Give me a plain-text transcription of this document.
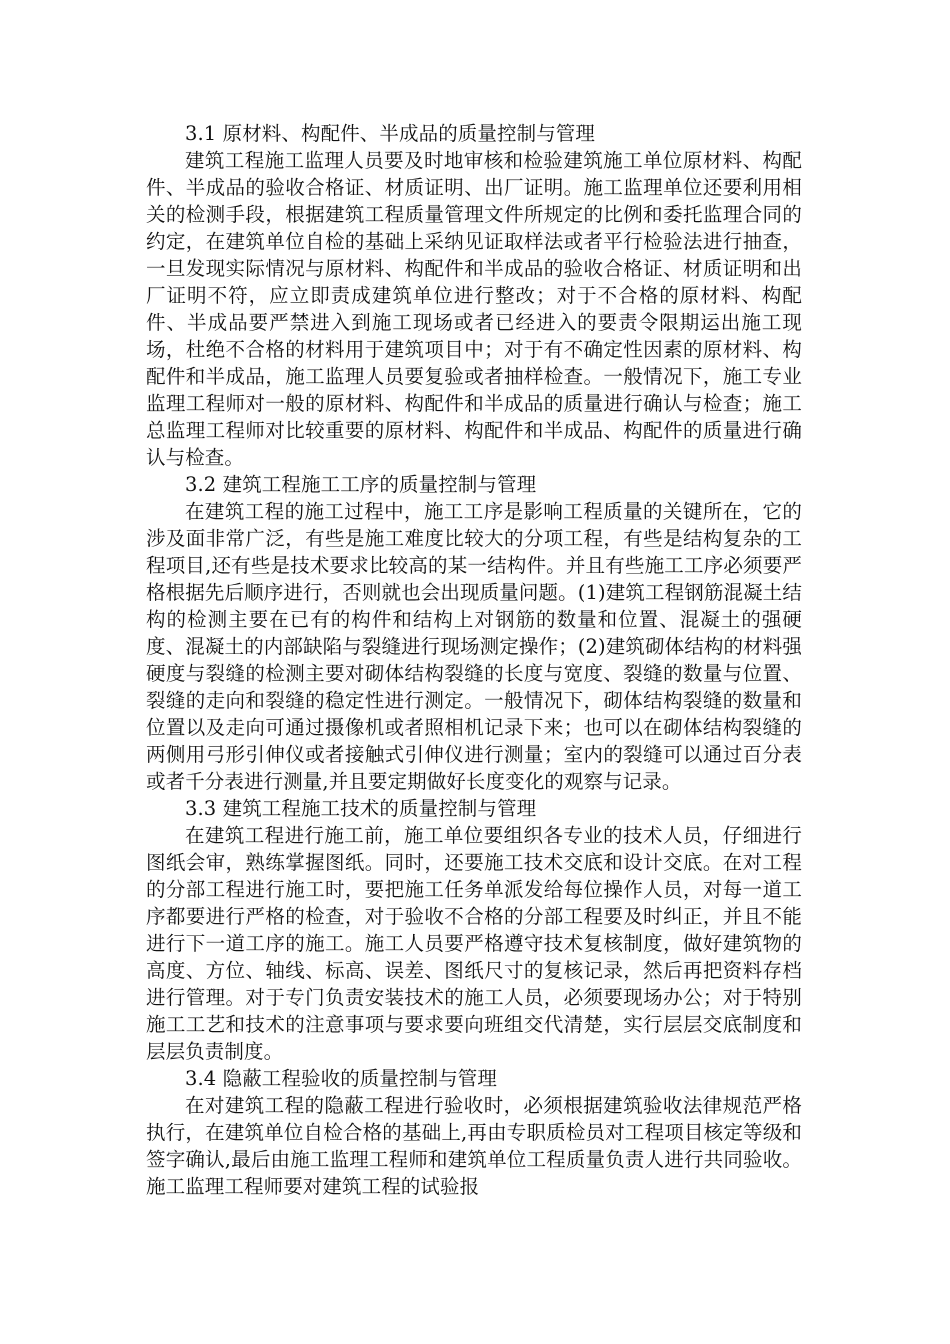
3.1 原材料、构配件、半成品的质量控制与管理

建筑工程施工监理人员要及时地审核和检验建筑施工单位原材料、构配件、半成品的验收合格证、材质证明、出厂证明。施工监理单位还要利用相关的检测手段，根据建筑工程质量管理文件所规定的比例和委托监理合同的约定，在建筑单位自检的基础上采纳见证取样法或者平行检验法进行抽查，一旦发现实际情况与原材料、构配件和半成品的验收合格证、材质证明和出厂证明不符，应立即责成建筑单位进行整改；对于不合格的原材料、构配件、半成品要严禁进入到施工现场或者已经进入的要责令限期运出施工现场，杜绝不合格的材料用于建筑项目中；对于有不确定性因素的原材料、构配件和半成品，施工监理人员要复验或者抽样检查。一般情况下，施工专业监理工程师对一般的原材料、构配件和半成品的质量进行确认与检查；施工总监理工程师对比较重要的原材料、构配件和半成品、构配件的质量进行确认与检查。

3.2 建筑工程施工工序的质量控制与管理

在建筑工程的施工过程中，施工工序是影响工程质量的关键所在，它的涉及面非常广泛，有些是施工难度比较大的分项工程，有些是结构复杂的工程项目,还有些是技术要求比较高的某一结构件。并且有些施工工序必须要严格根据先后顺序进行，否则就也会出现质量问题。(1)建筑工程钢筋混凝土结构的检测主要在已有的构件和结构上对钢筋的数量和位置、混凝土的强硬度、混凝土的内部缺陷与裂缝进行现场测定操作；(2)建筑砌体结构的材料强硬度与裂缝的检测主要对砌体结构裂缝的长度与宽度、裂缝的数量与位置、裂缝的走向和裂缝的稳定性进行测定。一般情况下，砌体结构裂缝的数量和位置以及走向可通过摄像机或者照相机记录下来；也可以在砌体结构裂缝的两侧用弓形引伸仪或者接触式引伸仪进行测量；室内的裂缝可以通过百分表或者千分表进行测量,并且要定期做好长度变化的观察与记录。

3.3 建筑工程施工技术的质量控制与管理

在建筑工程进行施工前，施工单位要组织各专业的技术人员，仔细进行图纸会审，熟练掌握图纸。同时，还要施工技术交底和设计交底。在对工程的分部工程进行施工时，要把施工任务单派发给每位操作人员，对每一道工序都要进行严格的检查，对于验收不合格的分部工程要及时纠正，并且不能进行下一道工序的施工。施工人员要严格遵守技术复核制度，做好建筑物的高度、方位、轴线、标高、误差、图纸尺寸的复核记录，然后再把资料存档进行管理。对于专门负责安装技术的施工人员，必须要现场办公；对于特别施工工艺和技术的注意事项与要求要向班组交代清楚，实行层层交底制度和层层负责制度。

3.4 隐蔽工程验收的质量控制与管理

在对建筑工程的隐蔽工程进行验收时，必须根据建筑验收法律规范严格执行，在建筑单位自检合格的基础上,再由专职质检员对工程项目核定等级和签字确认,最后由施工监理工程师和建筑单位工程质量负责人进行共同验收。施工监理工程师要对建筑工程的试验报
